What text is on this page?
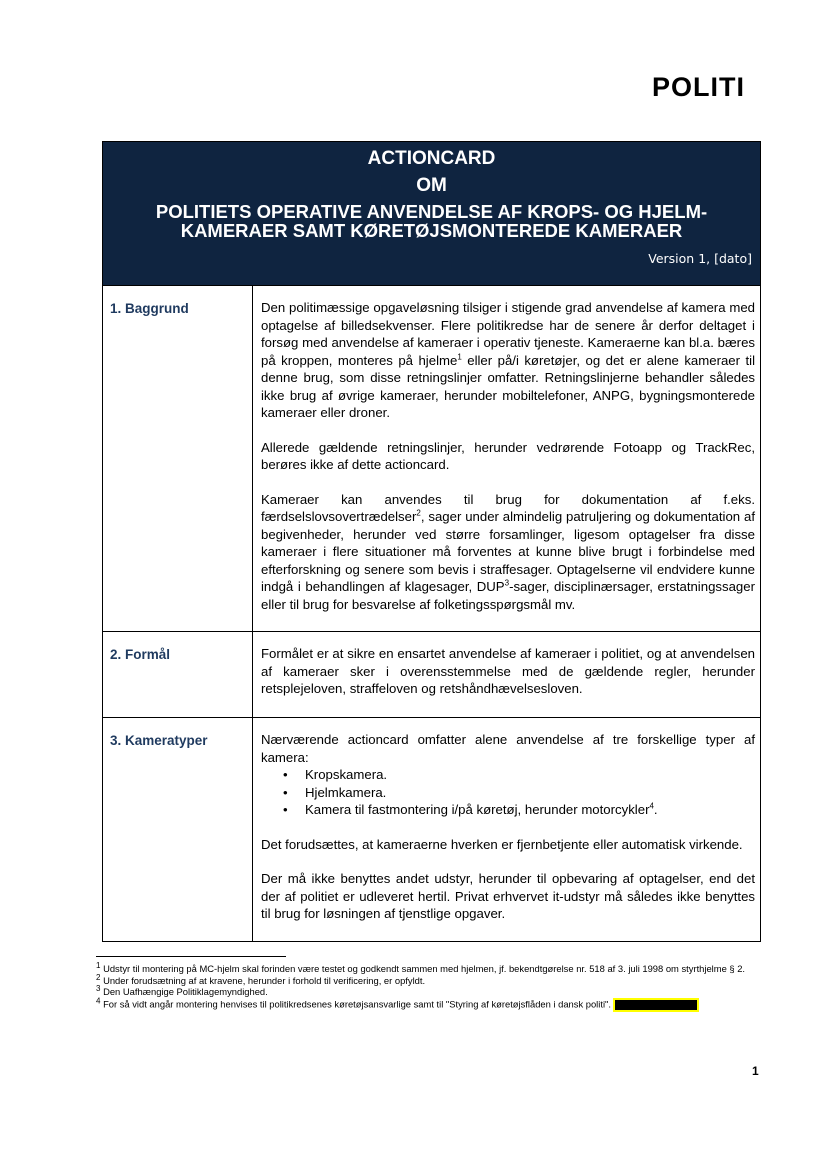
POLITI
ACTIONCARD
OM
POLITIETS OPERATIVE ANVENDELSE AF KROPS- OG HJELM-
KAMERAER SAMT KØRETØJSMONTEREDE KAMERAER
Version 1, [dato]
1. Baggrund	Den politimæssige opgaveløsning tilsiger i stigende grad anvendelse af kamera med optagelse af billedsekvenser. Flere politikredse har de senere år derfor deltaget i forsøg med anvendelse af kameraer i operativ tjeneste. Kameraerne kan bl.a. bæres på kroppen, monteres på hjelme$^1$ eller på/i køretøjer, og det er alene kameraer til denne brug, som disse retningslinjer omfatter. Retningslinjerne behandler således ikke brug af øvrige kameraer, herunder mobiltelefoner, ANPG, bygningsmonterede kameraer eller droner.

Allerede gældende retningslinjer, herunder vedrørende Fotoapp og TrackRec, berøres ikke af dette actioncard.

Kameraer kan anvendes til brug for dokumentation af f.eks. færdselslovsovertrædelser$^2$, sager under almindelig patruljering og dokumentation af begivenheder, herunder ved større forsamlinger, ligesom optagelser fra disse kameraer i flere situationer må forventes at kunne blive brugt i forbindelse med efterforskning og senere som bevis i straffesager. Optagelserne vil endvidere kunne indgå i behandlingen af klagesager, DUP$^3$-sager, disciplinærsager, erstatningssager eller til brug for besvarelse af folketingsspørgsmål mv.

2. Formål	Formålet er at sikre en ensartet anvendelse af kameraer i politiet, og at anvendelsen af kameraer sker i overensstemmelse med de gældende regler, herunder retsplejeloven, straffeloven og retshåndhævelsesloven.

3. Kameratyper	Nærværende actioncard omfatter alene anvendelse af tre forskellige typer af kamera:
• Kropskamera.
• Hjelmkamera.
• Kamera til fastmontering i/på køretøj, herunder motorcykler$^4$.

Det forudsættes, at kameraerne hverken er fjernbetjente eller automatisk virkende.

Der må ikke benyttes andet udstyr, herunder til opbevaring af optagelser, end det der af politiet er udleveret hertil. Privat erhvervet it-udstyr må således ikke benyttes til brug for løsningen af tjenstlige opgaver.

$^1$ Udstyr til montering på MC-hjelm skal forinden være testet og godkendt sammen med hjelmen, jf. bekendtgørelse nr. 518 af 3. juli 1998 om styrthjelme § 2.
$^2$ Under forudsætning af at kravene, herunder i forhold til verificering, er opfyldt.
$^3$ Den Uafhængige Politiklagemyndighed.
$^4$ For så vidt angår montering henvises til politikredsenes køretøjsansvarlige samt til "Styring af køretøjsflåden i dansk politi".
1
